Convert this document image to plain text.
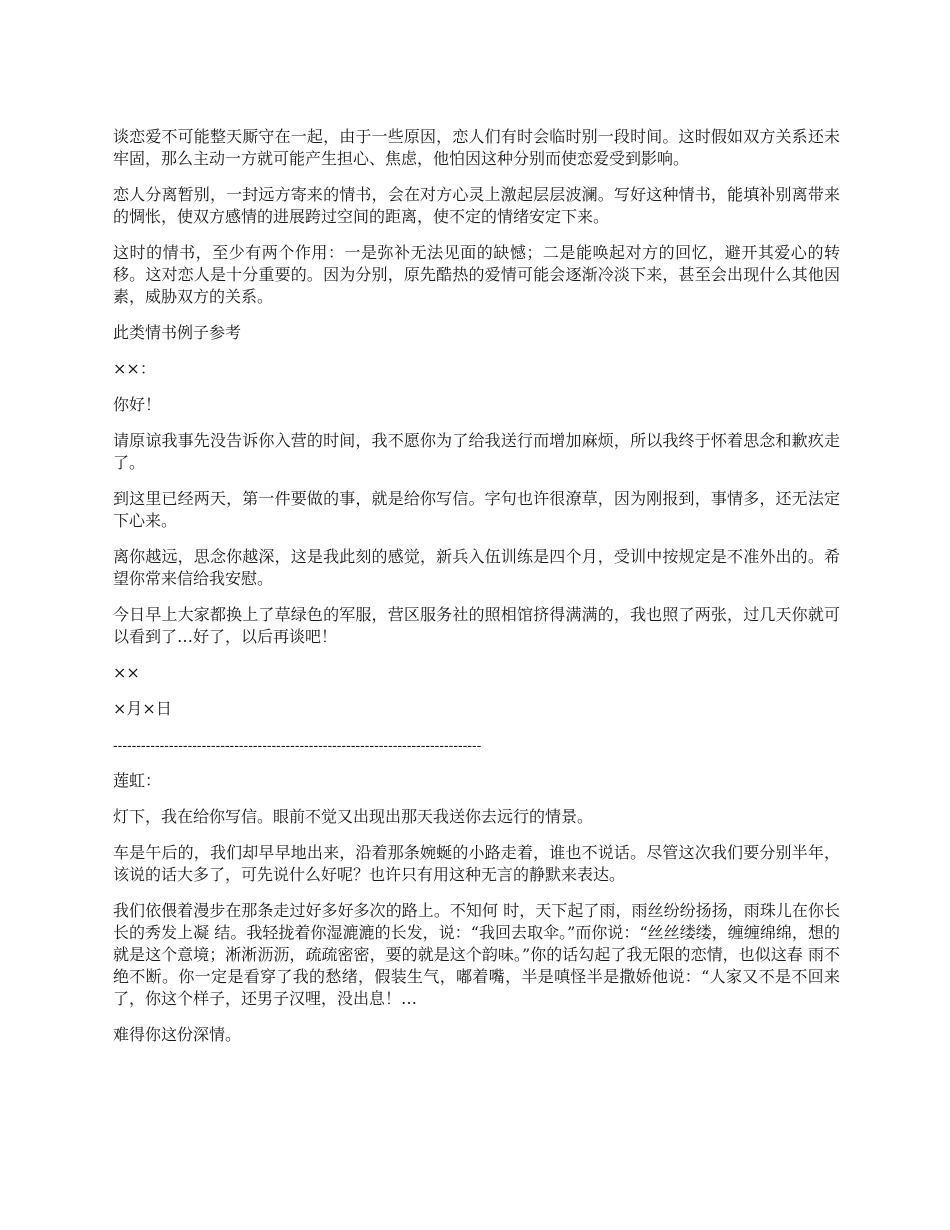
谈恋爱不可能整天厮守在一起，由于一些原因，恋人们有时会临时别一段时间。这时假如双方关系还未牢固，那么主动一方就可能产生担心、焦虑，他怕因这种分别而使恋爱受到影响。

恋人分离暂别，一封远方寄来的情书，会在对方心灵上激起层层波澜。写好这种情书，能填补别离带来的惆怅，使双方感情的进展跨过空间的距离，使不定的情绪安定下来。

这时的情书，至少有两个作用：一是弥补无法见面的缺憾；二是能唤起对方的回忆，避开其爱心的转移。这对恋人是十分重要的。因为分别，原先酷热的爱情可能会逐渐冷淡下来，甚至会出现什么其他因素，威胁双方的关系。

此类情书例子参考

××：

你好！

请原谅我事先没告诉你入营的时间，我不愿你为了给我送行而增加麻烦，所以我终于怀着思念和歉疚走了。

到这里已经两天，第一件要做的事，就是给你写信。字句也许很潦草，因为刚报到，事情多，还无法定下心来。

离你越远，思念你越深，这是我此刻的感觉，新兵入伍训练是四个月，受训中按规定是不准外出的。希望你常来信给我安慰。

今日早上大家都换上了草绿色的军服，营区服务社的照相馆挤得满满的，我也照了两张，过几天你就可以看到了…好了，以后再谈吧！

××

×月×日

-------------------------------------------------------------------------------

莲虹：

灯下，我在给你写信。眼前不觉又出现出那天我送你去远行的情景。

车是午后的，我们却早早地出来，沿着那条婉蜒的小路走着，谁也不说话。尽管这次我们要分别半年，该说的话大多了，可先说什么好呢？也许只有用这种无言的静默来表达。

我们依偎着漫步在那条走过好多好多次的路上。不知何 时，天下起了雨，雨丝纷纷扬扬，雨珠儿在你长长的秀发上凝 结。我轻拢着你湿漉漉的长发，说：“我回去取伞。”而你说：“丝丝缕缕，缠缠绵绵，想的就是这个意境；淅淅沥沥，疏疏密密，要的就是这个韵味。”你的话勾起了我无限的恋情，也似这春 雨不绝不断。你一定是看穿了我的愁绪，假装生气，嘟着嘴，半是嗔怪半是撒娇他说：“人家又不是不回来了，你这个样子，还男子汉哩，没出息！…

难得你这份深情。
